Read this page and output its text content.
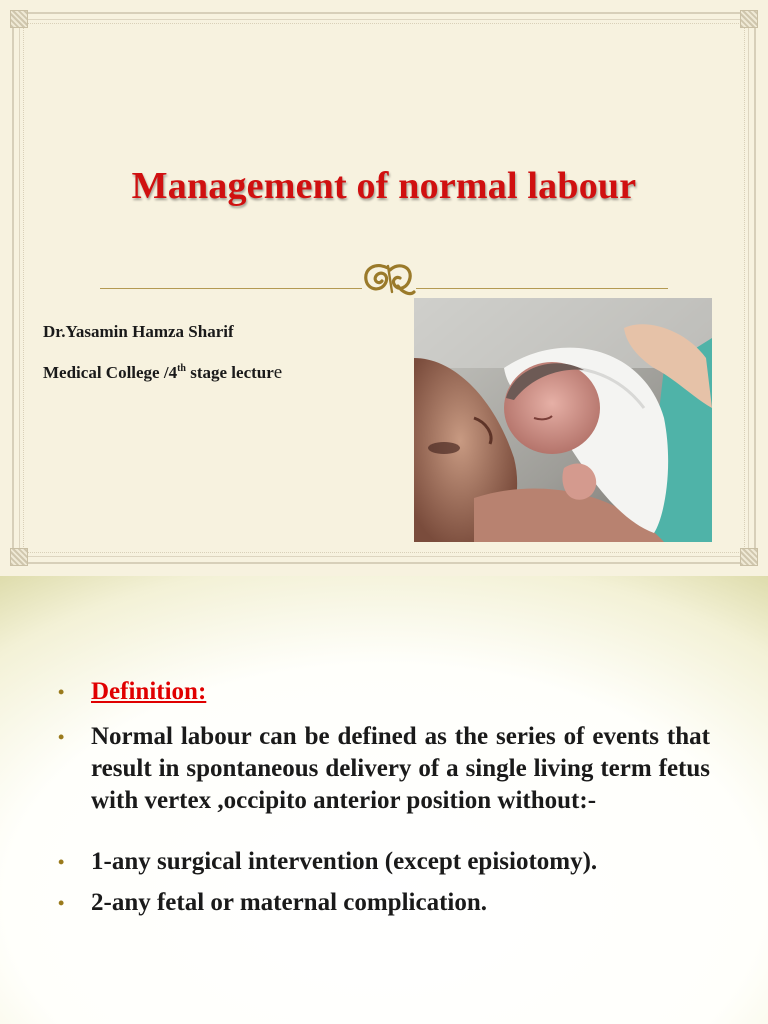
Management of normal labour
Dr.Yasamin Hamza Sharif
Medical College /4th stage lecture
• Definition:
• Normal labour can be defined as the series of events that result in spontaneous delivery of a single living term fetus with vertex ,occipito anterior position without:-
• 1-any surgical intervention (except episiotomy).
• 2-any fetal or maternal complication.
